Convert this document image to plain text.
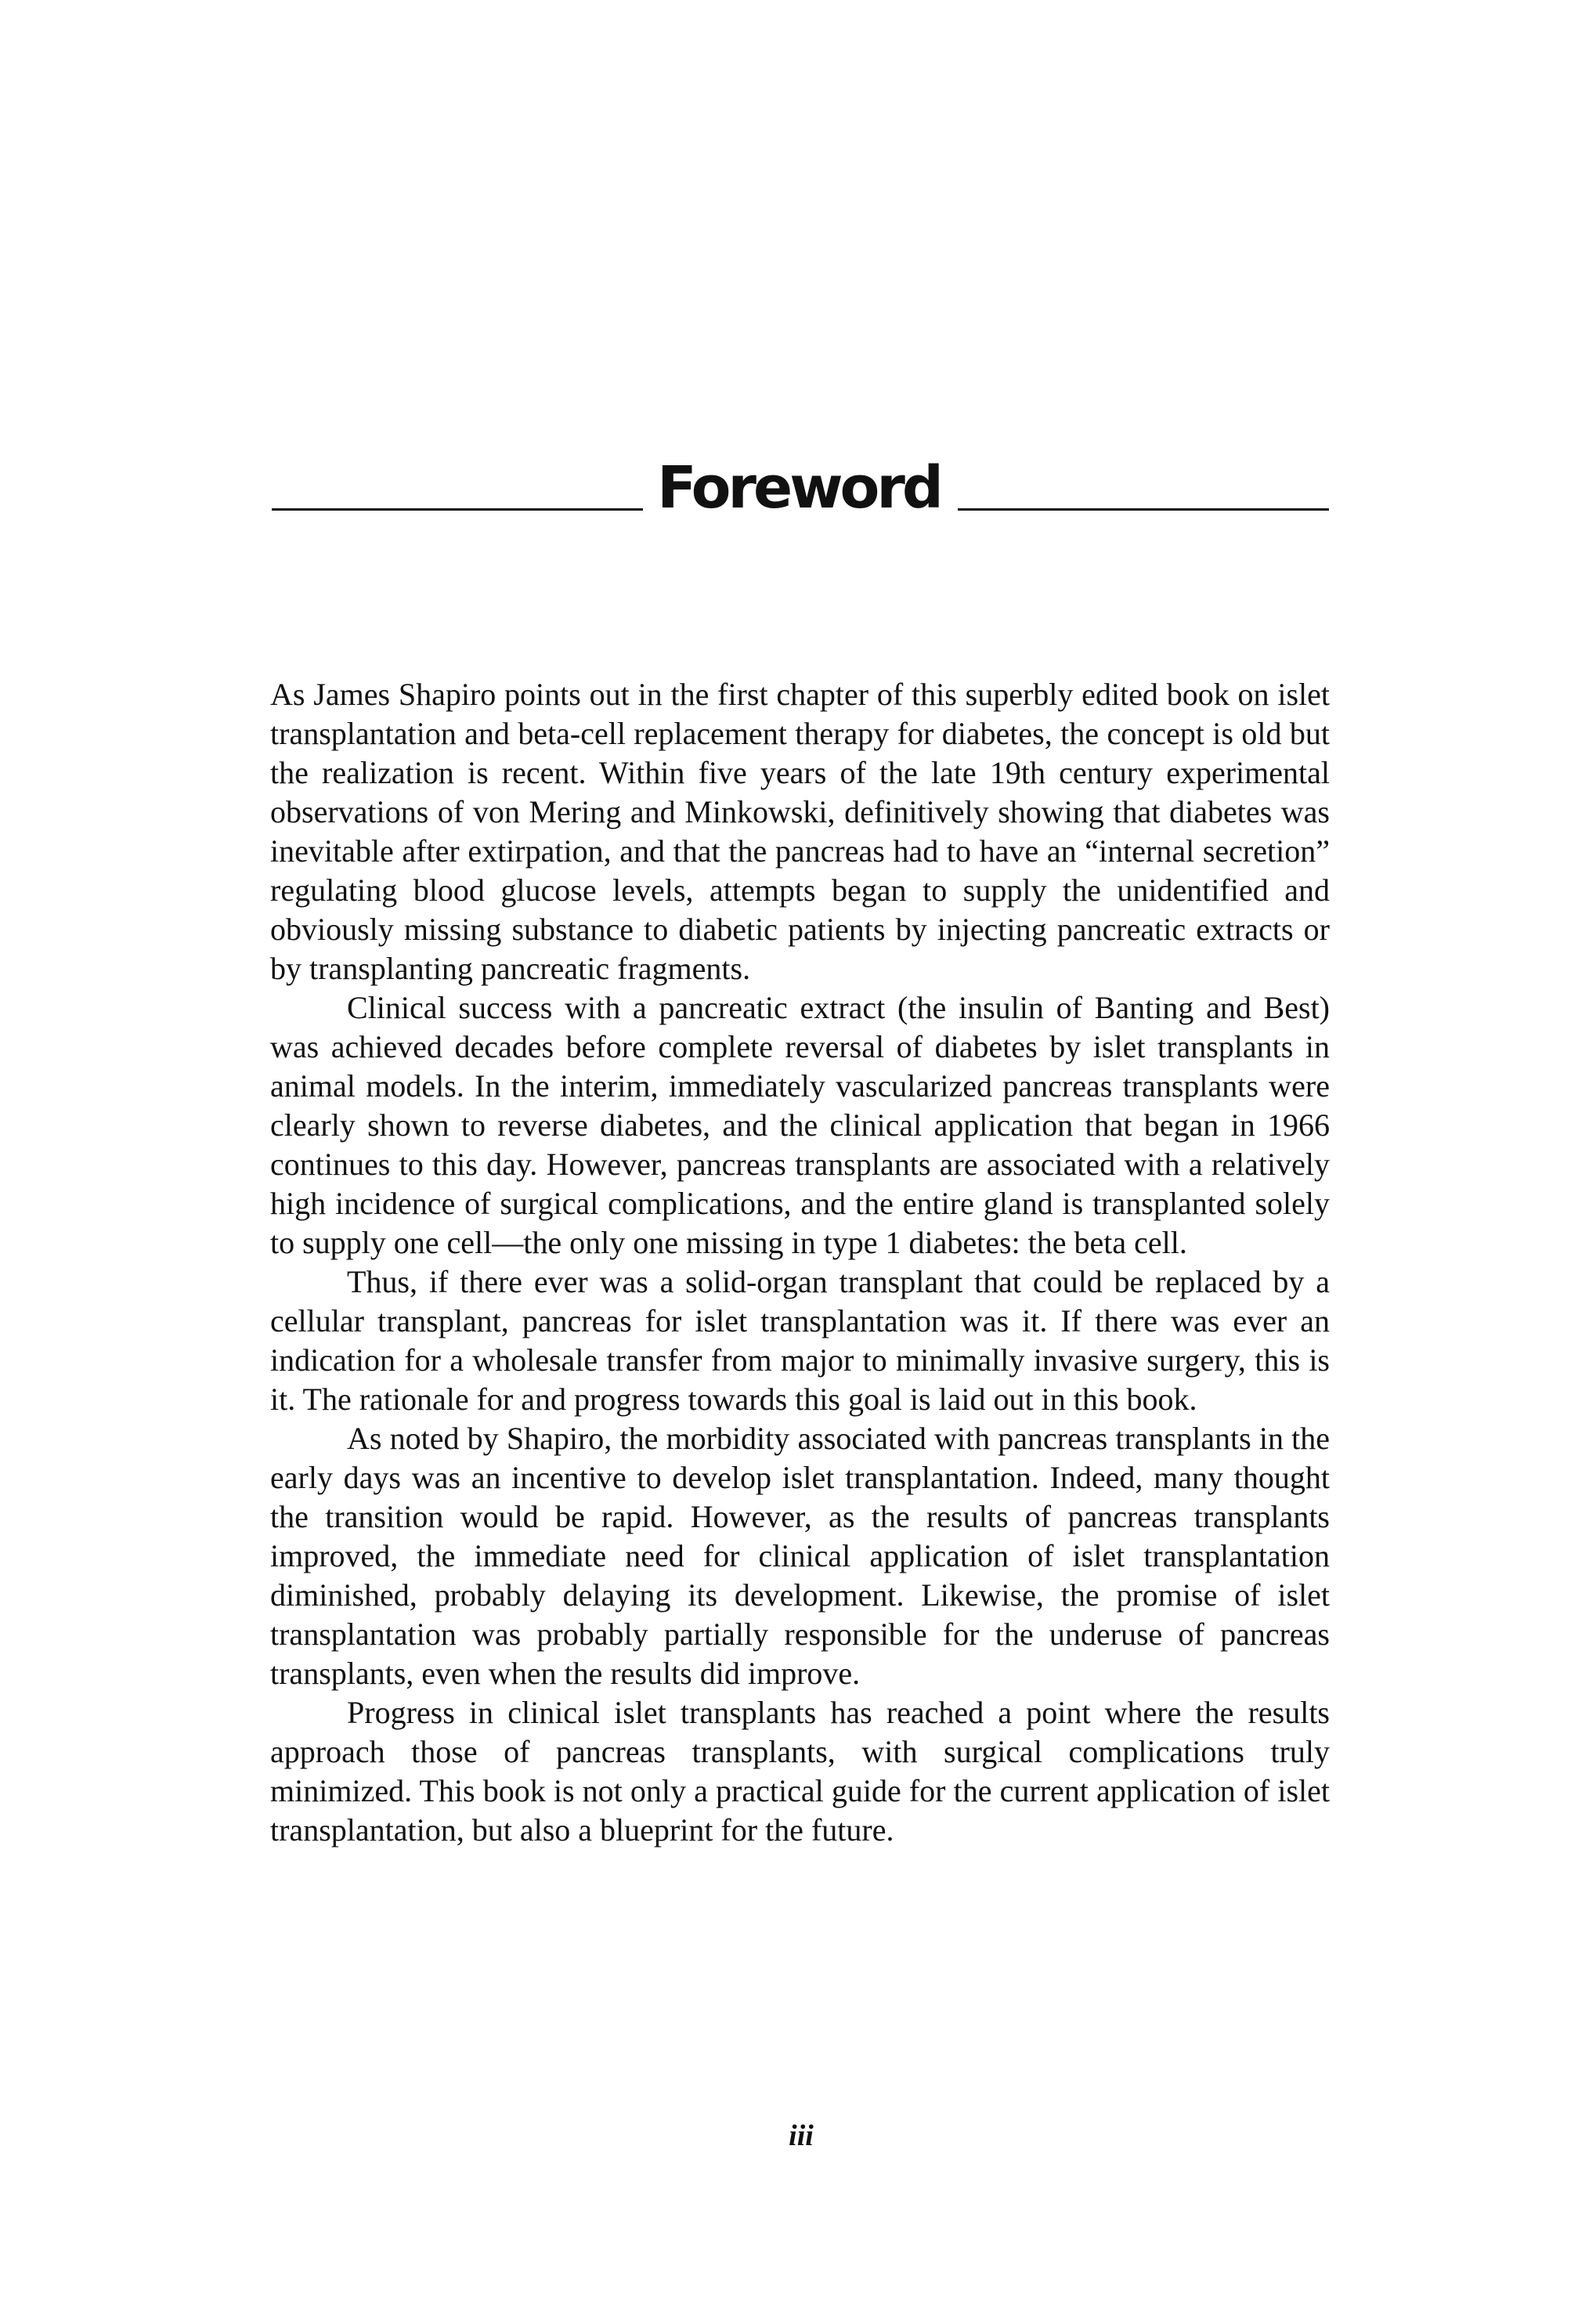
Foreword

As James Shapiro points out in the first chapter of this superbly edited book on islet transplantation and beta-cell replacement therapy for diabetes, the concept is old but the realization is recent. Within five years of the late 19th century experimental observations of von Mering and Minkowski, definitively showing that diabetes was inevitable after extirpation, and that the pancreas had to have an “internal secretion” regulating blood glucose levels, attempts began to supply the unidentified and obviously missing substance to diabetic patients by injecting pancreatic extracts or by transplanting pancreatic fragments.

Clinical success with a pancreatic extract (the insulin of Banting and Best) was achieved decades before complete reversal of diabetes by islet transplants in animal models. In the interim, immediately vascularized pancreas transplants were clearly shown to reverse diabetes, and the clinical application that began in 1966 continues to this day. However, pancreas transplants are associated with a relatively high incidence of surgical complications, and the entire gland is transplanted solely to supply one cell—the only one missing in type 1 diabetes: the beta cell.

Thus, if there ever was a solid-organ transplant that could be replaced by a cellular transplant, pancreas for islet transplantation was it. If there was ever an indication for a wholesale transfer from major to minimally invasive surgery, this is it. The rationale for and progress towards this goal is laid out in this book.

As noted by Shapiro, the morbidity associated with pancreas transplants in the early days was an incentive to develop islet transplantation. Indeed, many thought the transition would be rapid. However, as the results of pancreas transplants improved, the immediate need for clinical application of islet transplantation diminished, probably delaying its development. Likewise, the promise of islet transplantation was probably partially responsible for the underuse of pancreas transplants, even when the results did improve.

Progress in clinical islet transplants has reached a point where the results approach those of pancreas transplants, with surgical complications truly minimized. This book is not only a practical guide for the current application of islet transplantation, but also a blueprint for the future.

iii
